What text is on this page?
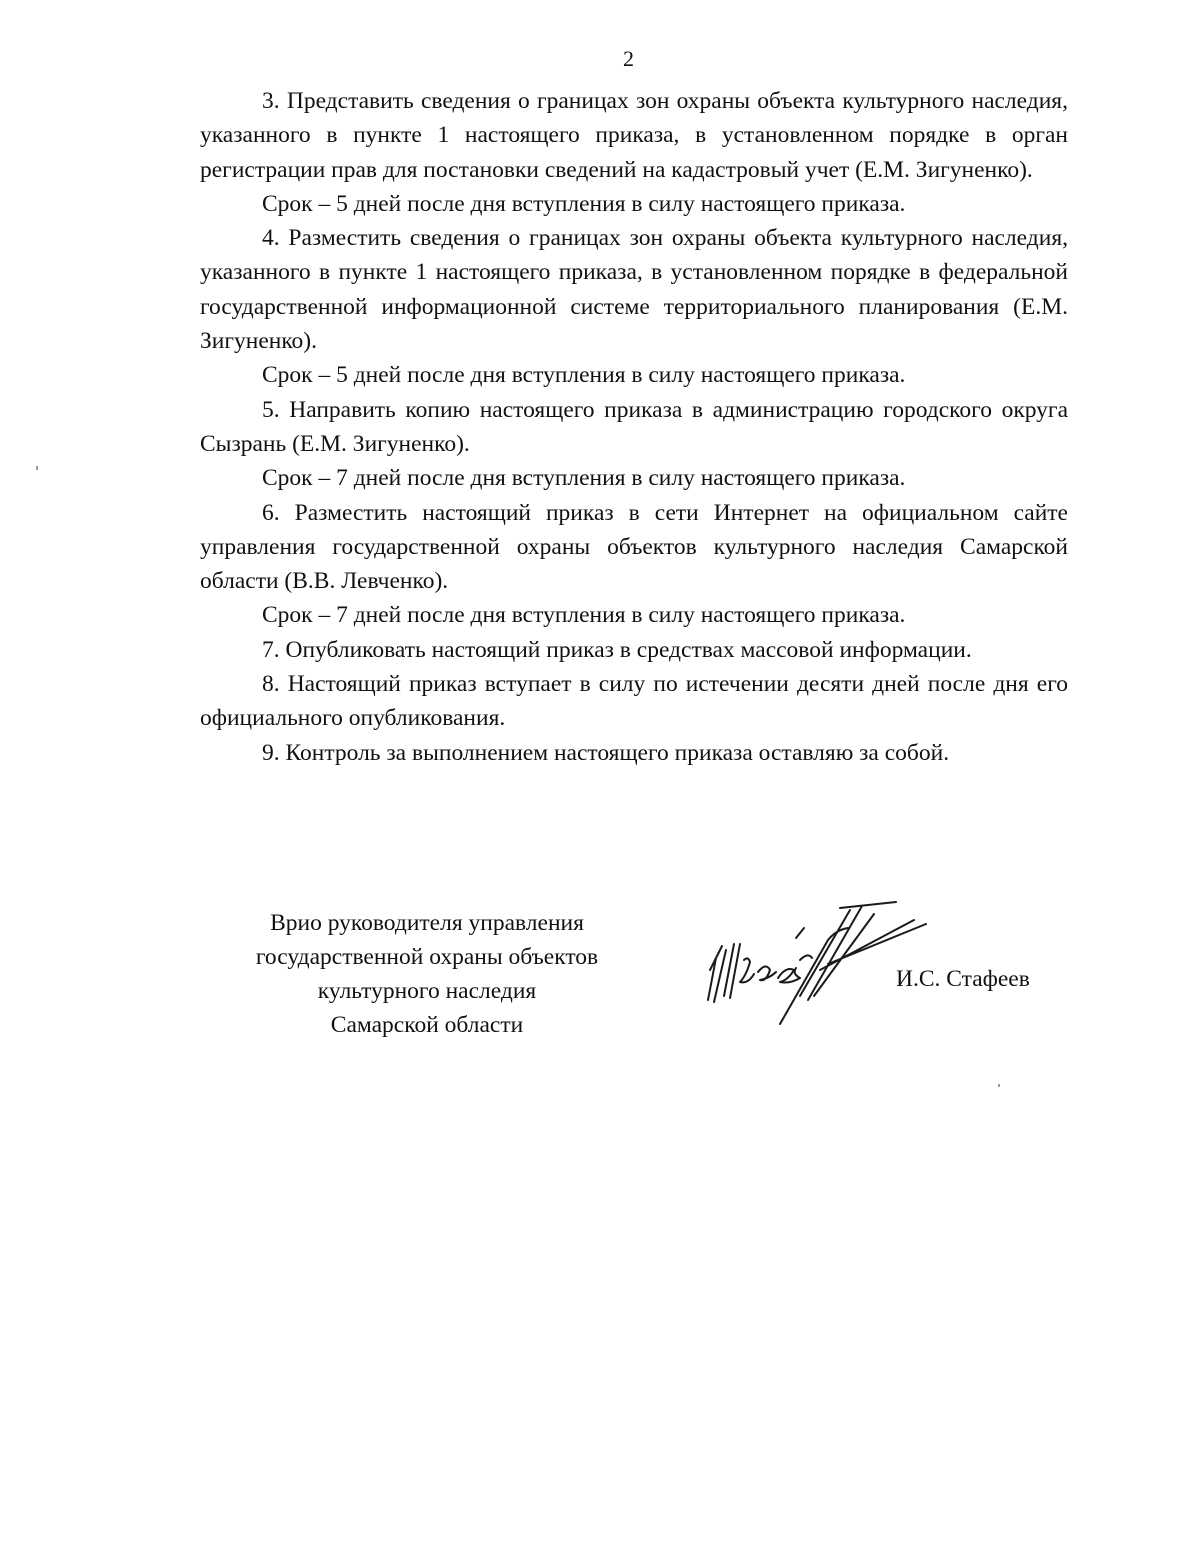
2

3. Представить сведения о границах зон охраны объекта культурного наследия, указанного в пункте 1 настоящего приказа, в установленном порядке в орган регистрации прав для постановки сведений на кадастровый учет (Е.М. Зигуненко).

Срок – 5 дней после дня вступления в силу настоящего приказа.

4. Разместить сведения о границах зон охраны объекта культурного наследия, указанного в пункте 1 настоящего приказа, в установленном порядке в федеральной государственной информационной системе территориального планирования (Е.М. Зигуненко).

Срок – 5 дней после дня вступления в силу настоящего приказа.

5. Направить копию настоящего приказа в администрацию городского округа Сызрань (Е.М. Зигуненко).

Срок – 7 дней после дня вступления в силу настоящего приказа.

6. Разместить настоящий приказ в сети Интернет на официальном сайте управления государственной охраны объектов культурного наследия Самарской области (В.В. Левченко).

Срок – 7 дней после дня вступления в силу настоящего приказа.

7. Опубликовать настоящий приказ в средствах массовой информации.

8. Настоящий приказ вступает в силу по истечении десяти дней после дня его официального опубликования.

9. Контроль за выполнением настоящего приказа оставляю за собой.

Врио руководителя управления
государственной охраны объектов
культурного наследия
Самарской области
И.С. Стафеев
